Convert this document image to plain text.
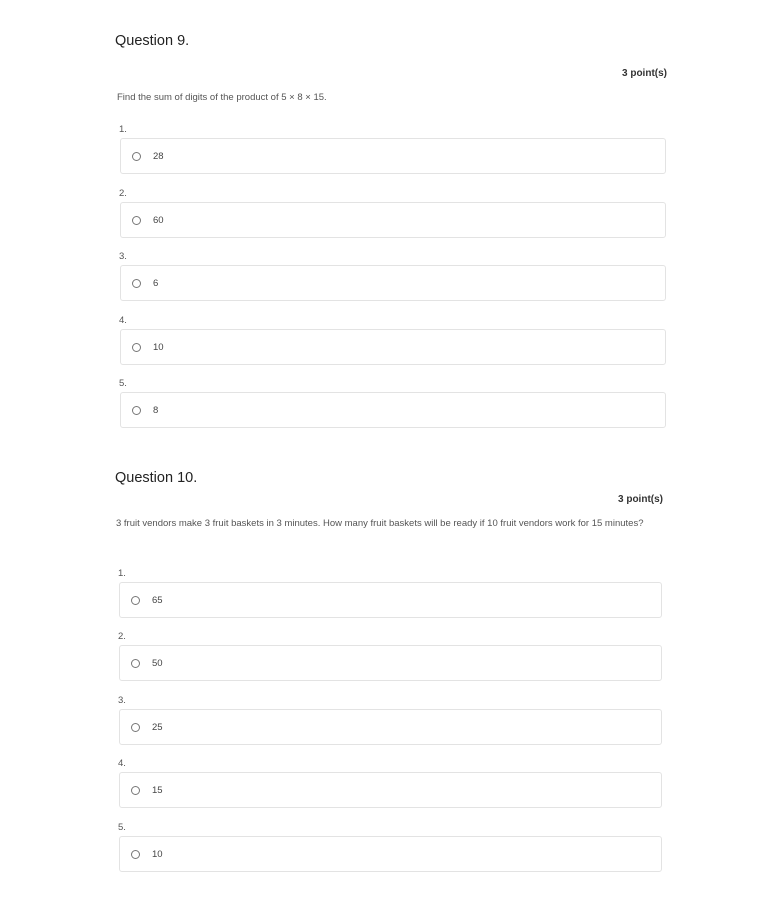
Question 9.
3 point(s)
Find the sum of digits of the product of 5 × 8 × 15.
1.
28
2.
60
3.
6
4.
10
5.
8
Question 10.
3 point(s)
3 fruit vendors make 3 fruit baskets in 3 minutes. How many fruit baskets will be ready if 10 fruit vendors work for 15 minutes?
1.
65
2.
50
3.
25
4.
15
5.
10
